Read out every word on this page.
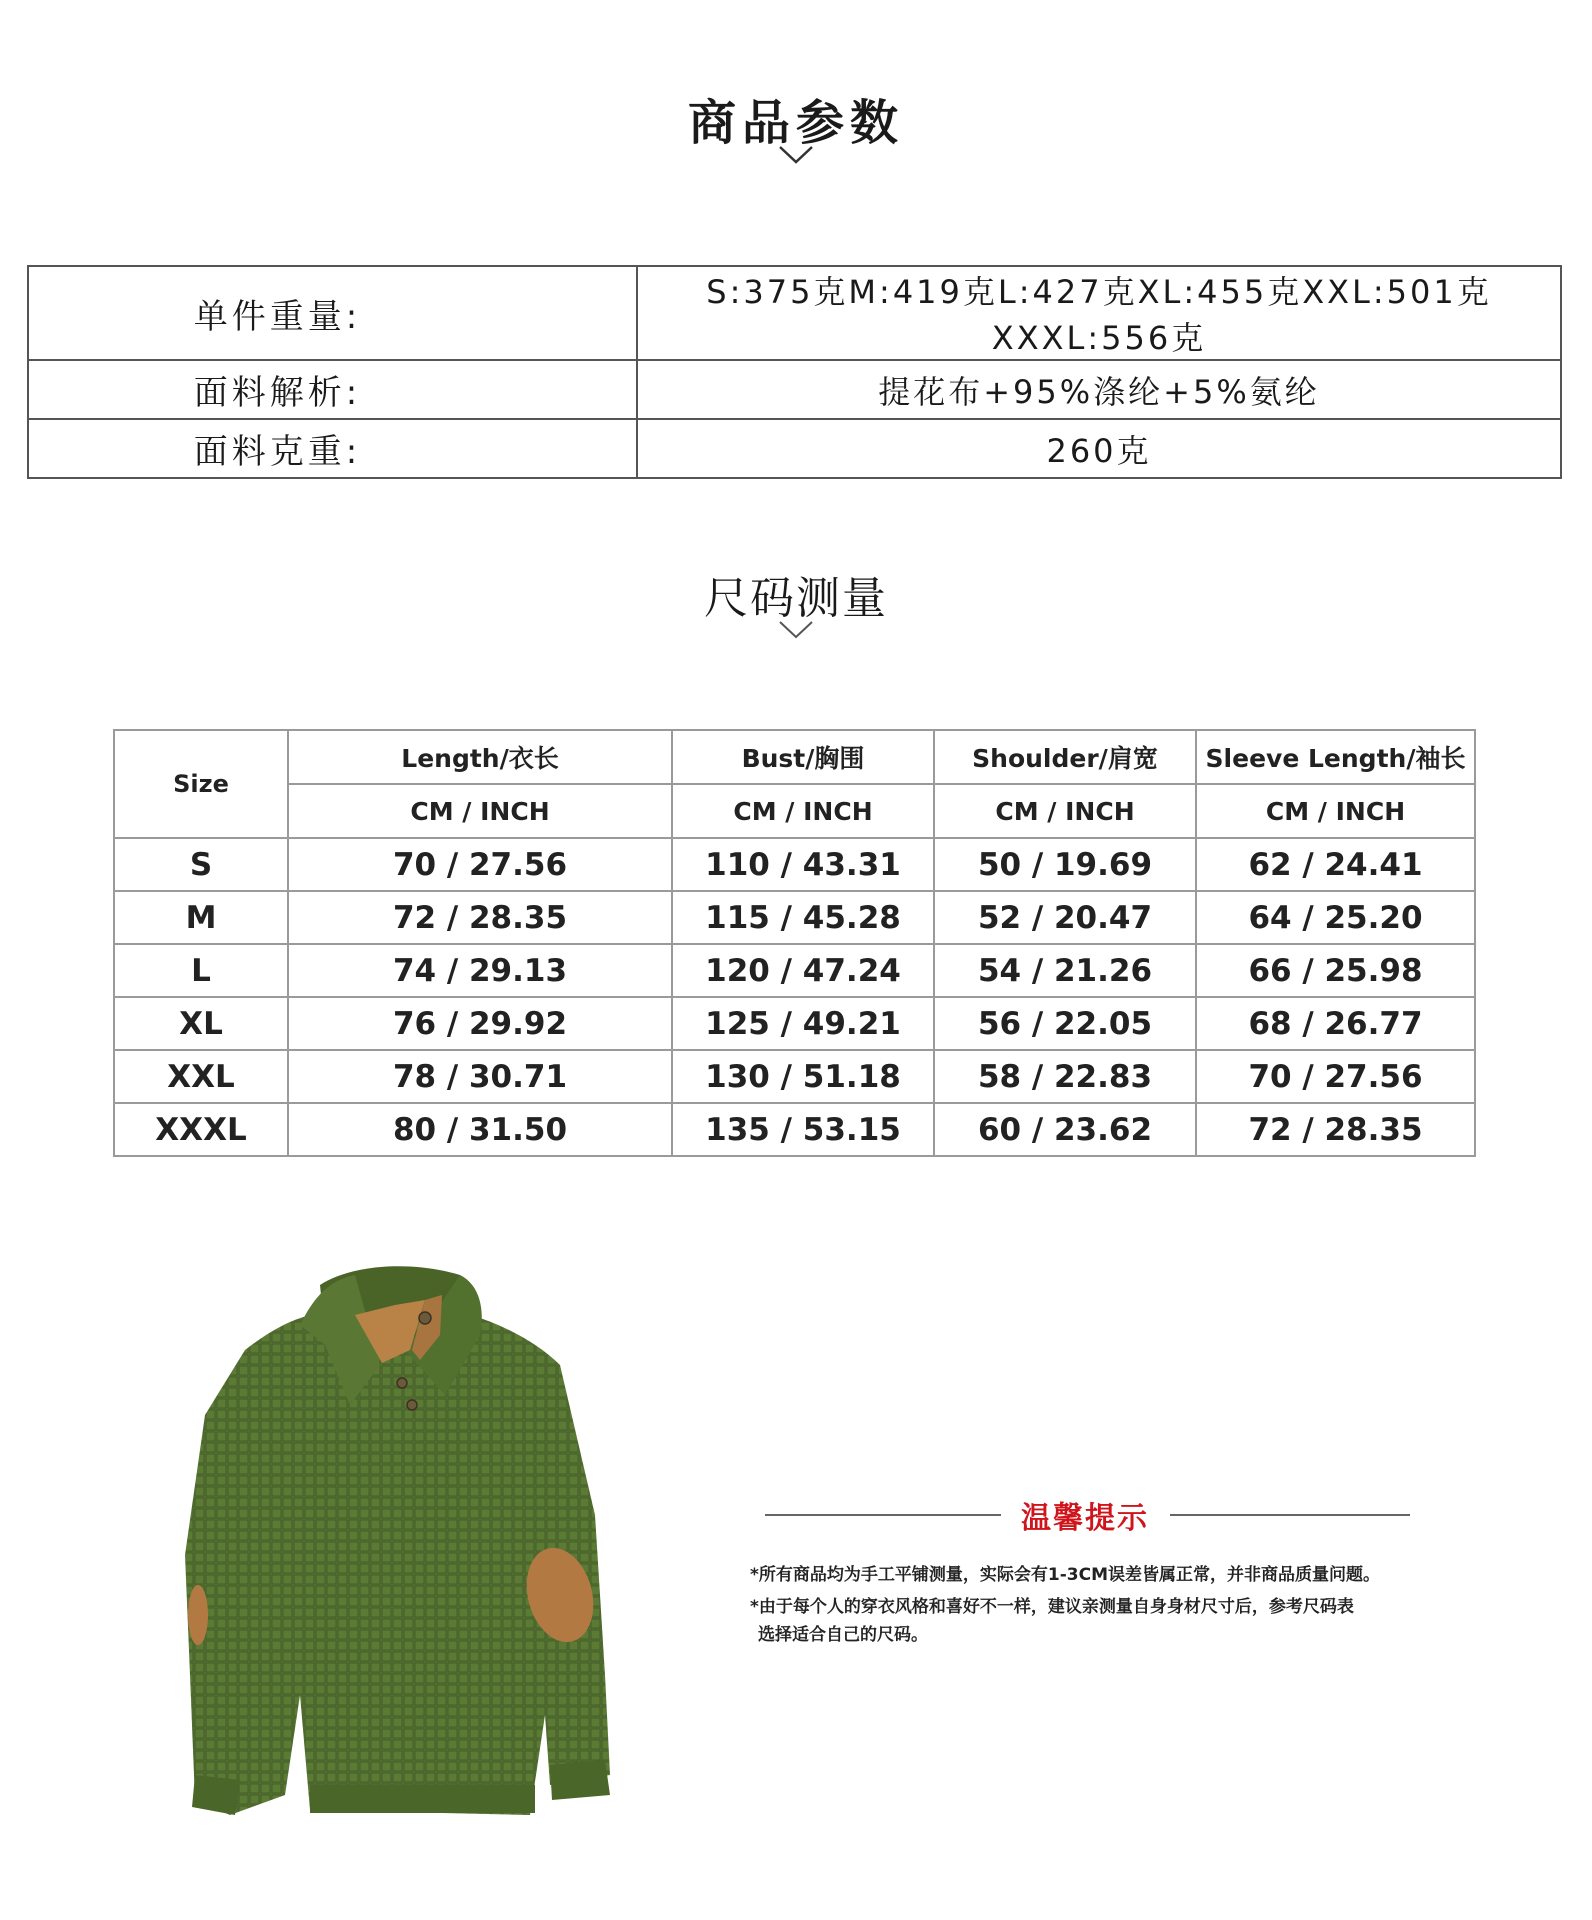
商品参数
单件重量:	S:375克M:419克L:427克XL:455克XXL:501克XXXL:556克
面料解析:	提花布+95%涤纶+5%氨纶
面料克重:	260克
尺码测量
Size	Length/衣长	Bust/胸围	Shoulder/肩宽	Sleeve Length/袖长
	CM / INCH	CM / INCH	CM / INCH	CM / INCH
S	70 / 27.56	110 / 43.31	50 / 19.69	62 / 24.41
M	72 / 28.35	115 / 45.28	52 / 20.47	64 / 25.20
L	74 / 29.13	120 / 47.24	54 / 21.26	66 / 25.98
XL	76 / 29.92	125 / 49.21	56 / 22.05	68 / 26.77
XXL	78 / 30.71	130 / 51.18	58 / 22.83	70 / 27.56
XXXL	80 / 31.50	135 / 53.15	60 / 23.62	72 / 28.35
温馨提示
*所有商品均为手工平铺测量，实际会有1-3CM误差皆属正常，并非商品质量问题。
*由于每个人的穿衣风格和喜好不一样，建议亲测量自身身材尺寸后，参考尺码表
选择适合自己的尺码。
